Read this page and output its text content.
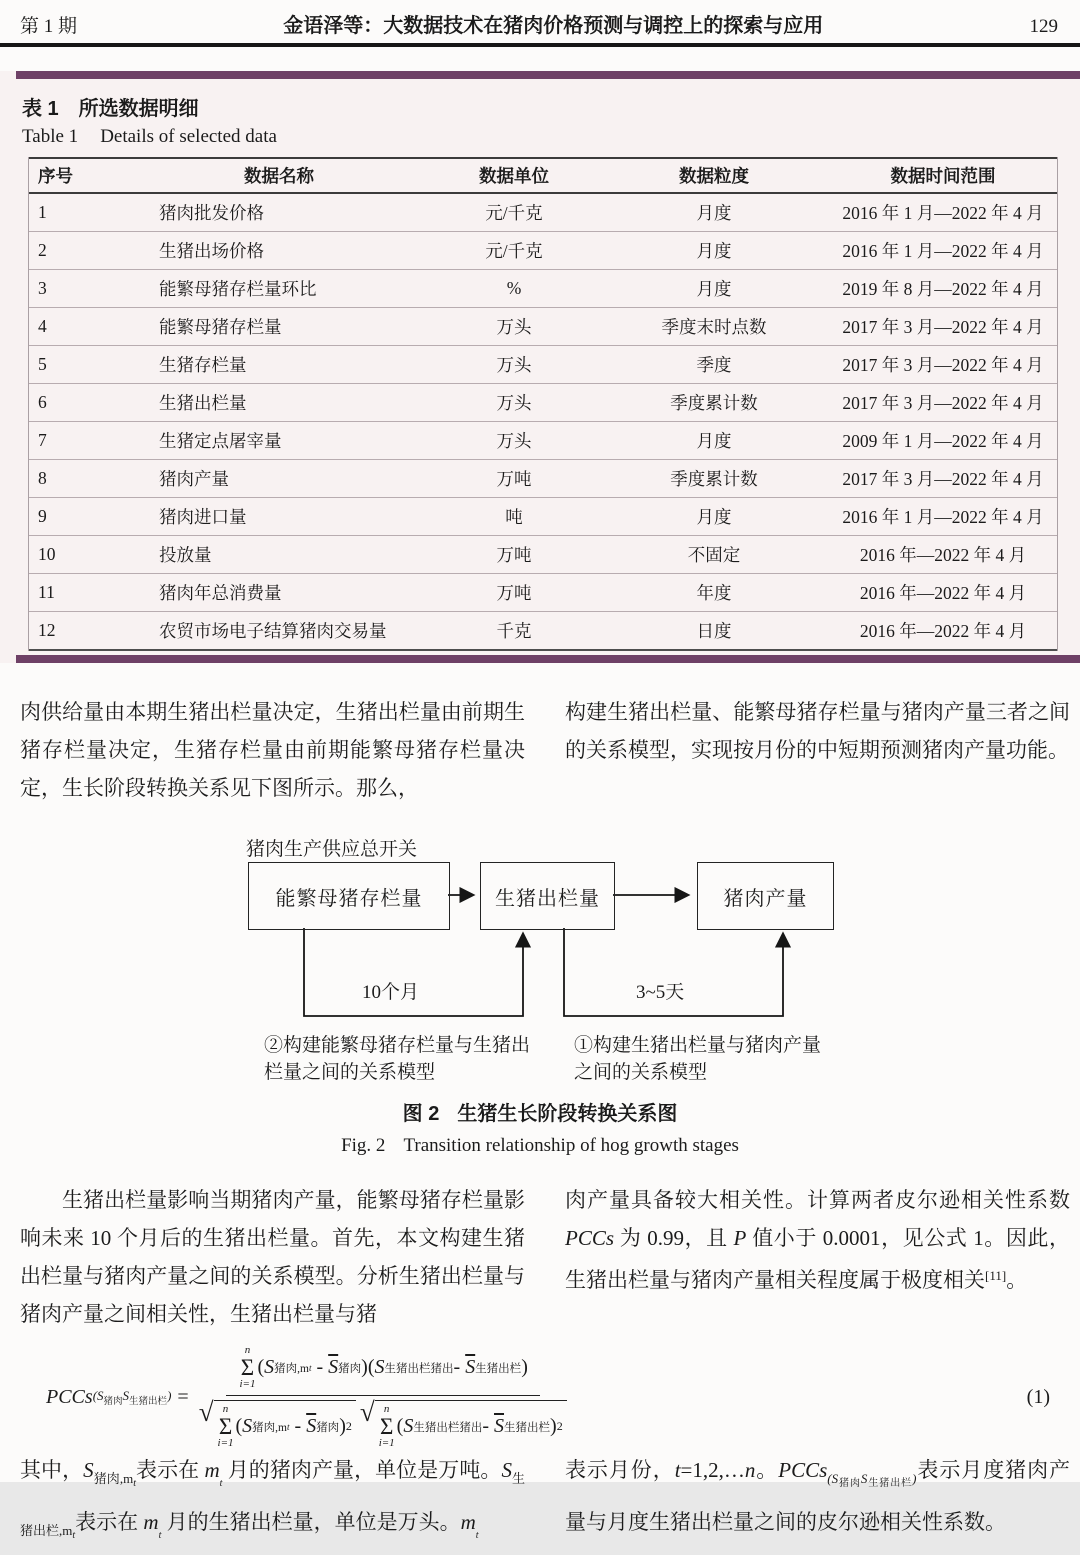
第 1 期	金语泽等：大数据技术在猪肉价格预测与调控上的探索与应用	129
表 1　所选数据明细
Table 1 Details of selected data
序号	数据名称	数据单位	数据粒度	数据时间范围
1	猪肉批发价格	元/千克	月度	2016 年 1 月—2022 年 4 月
2	生猪出场价格	元/千克	月度	2016 年 1 月—2022 年 4 月
3	能繁母猪存栏量环比	%	月度	2019 年 8 月—2022 年 4 月
4	能繁母猪存栏量	万头	季度末时点数	2017 年 3 月—2022 年 4 月
5	生猪存栏量	万头	季度	2017 年 3 月—2022 年 4 月
6	生猪出栏量	万头	季度累计数	2017 年 3 月—2022 年 4 月
7	生猪定点屠宰量	万头	月度	2009 年 1 月—2022 年 4 月
8	猪肉产量	万吨	季度累计数	2017 年 3 月—2022 年 4 月
9	猪肉进口量	吨	月度	2016 年 1 月—2022 年 4 月
10	投放量	万吨	不固定	2016 年—2022 年 4 月
11	猪肉年总消费量	万吨	年度	2016 年—2022 年 4 月
12	农贸市场电子结算猪肉交易量	千克	日度	2016 年—2022 年 4 月
肉供给量由本期生猪出栏量决定，生猪出栏量由前期生猪存栏量决定，生猪存栏量由前期能繁母猪存栏量决定，生长阶段转换关系见下图所示。那么，
构建生猪出栏量、能繁母猪存栏量与猪肉产量三者之间的关系模型，实现按月份的中短期预测猪肉产量功能。
猪肉生产供应总开关
能繁母猪存栏量	生猪出栏量	猪肉产量
10个月	3~5天
②构建能繁母猪存栏量与生猪出栏量之间的关系模型
①构建生猪出栏量与猪肉产量之间的关系模型
图 2 生猪生长阶段转换关系图
Fig. 2 Transition relationship of hog growth stages
生猪出栏量影响当期猪肉产量，能繁母猪存栏量影响未来 10 个月后的生猪出栏量。首先，本文构建生猪出栏量与猪肉产量之间的关系模型。分析生猪出栏量与猪肉产量之间相关性，生猪出栏量与猪
肉产量具备较大相关性。计算两者皮尔逊相关性系数 PCCs 为 0.99，且 P 值小于 0.0001，见公式 1。因此，生猪出栏量与猪肉产量相关程度属于极度相关[11]。
PCCs $(S_{猪肉}S_{生猪出栏})$ =
n
Σ
i=1
( S 猪肉,m t
-
$\overline{S}$ 猪肉 ) ( S 生猪出栏猪出 -
$\overline{S}$ 生猪出栏 )
√ n
Σ
i=1
( S 猪肉,m t
-
$\overline{S}$ 猪肉 ) 2 √ n
Σ
i=1
( S 生猪出栏猪出 -
$\overline{S}$ 生猪出栏 ) 2
(1)
其中，$S_{猪肉,mt}$表示在 $m_t$ 月的猪肉产量，单位是万吨。$S_{生猪出栏,mt}$表示在 $m_t$ 月的生猪出栏量，单位是万头。$m_t$
表示月份，t=1,2,…n。PCCs$_{(S猪肉S生猪出栏)}$表示月度猪肉产量与月度生猪出栏量之间的皮尔逊相关性系数。
